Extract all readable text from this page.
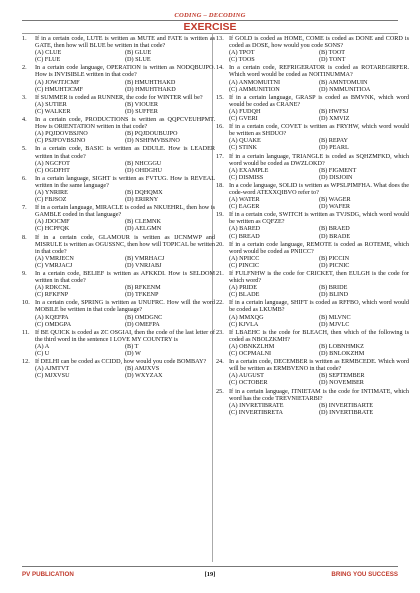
CODING – DECODING
EXERCISE
1.	If in a certain code, LUTE is written as MUTE and FATE is written as GATE, then how will BLUE be written in that code?
(A) CLUE	(B) GLUE
(C) FLUE	(D) SLUE
2.	In a certain code language, OPERATION is written as NODQBUJPO. How is INVISIBLE written in that code?
(A) JOWJTJCMF	(B) HMUHTHAKD
(C) HMUHTJCMF	(D) HMUHTHAKD
3.	If SUMMER is coded as RUNNER, the code for WINTER will be?
(A) SUTIER	(B) VIOUER
(C) WALKER	(D) SUFFER
4.	In a certain code, PRODUCTIONS is written as QQPCVEUHPMT. How is ORIENTATION written in that code?
(A) PQJDOVBSJNO	(B) PQJDOUBUJPO
(C) PSJFOVBSJNO	(D) NSHFMVBSJNO
5.	In a certain code, BASIC is written as DDULE. How is LEADER written in that code?
(A) NGCFOT	(B) NHCGGU
(C) OGDFHT	(D) OHDGHU
6.	In a certain language, SIGHT is written as FVTUG. How is REVEAL written in the same language?
(A) YNRIRE	(B) DQHQMX
(C) FBJSOZ	(D) ERIRNY
7.	If in a certain language, MIRACLE is coded as NKUEHRL, then how is GAMBLE coded in that language?
(A) JDOCMF	(B) CLEMNK
(C) HCPFQK	(D) AELGMN
8.	If in a certain code, GLAMOUR is written as IJCNMWP and MISRULE is written as OGUSSNC, then how will TOPICAL be written in that code?
(A) VMRJECN	(B) VMRHACJ
(C) VMRJACJ	(D) VNRJABJ
9.	In a certain code, BELIEF is written as AFKKDI. How is SELDOM written in that code?
(A) RDKCNL	(B) RFKENM
(C) RFKFNP	(D) TFKENP
10. In a certain code, SPRING is written as UNUFRC. How will the word MOBILE be written in that code language?
(A) KQEFPA	(B) OMDGNC
(C) OMDGPA	(D) OMEFPA
11. If BE QUICK is coded as ZC OSGIAI, then the code of the last letter of the third word in the sentence I LOVE MY COUNTRY is
(A) A	(B) T
(C) U	(D) W
12. If DELHI can be coded as CCIDD, how would you code BOMBAY?
(A) AJMTVT	(B) AMJXVS
(C) MJXVSU	(D) WXYZAX
13. If GOLD is coded as HOME, COME is coded as DONE and CORD is coded as DOSE, how would you code SONS?
(A) TPOT	(B) TOOT
(C) TOOS	(D) TONT
14. In a certain code, REFRIGERATOR is coded as ROTAREGIRFER. Which word would be coded as NOITINUMMA?
(A) ANMOMUITNI	(B) AMNTOMUIN
(C) AMMUNITION	(D) NMMUNITIOA
15. If in a certain language, GRASP is coded as BMVNK, which word would be coded as CRANE?
(A) FUDQH	(B) HWFSJ
(C) GVERI	(D) XMVIZ
16. If in a certain code, COVET is written as FRYHW, which word would be written as SHDUO?
(A) QUAKE	(B) REPAY
(C) STINK	(D) PEARL
17. If in a certain language, TRIANGLE is coded as SQHZMFKD, which word would be coded as DWZLOKD?
(A) EXAMPLE	(B) FIGMENT
(C) DISMISS	(D) DISJOIN
18. In a code language, SOLID is written as WPSLPIMFHA. What does the code-word ATEXXQIBVO refer to?
(A) WATER	(B) WAGER
(C) EAGER	(D) WAFER
19. If in a certain code, SWITCH is written as TVJSDG, which word would be written as CQFZE?
(A) BARED	(B) BRAED
(C) BREAD	(D) BRADE
20. If in a certain code language, REMOTE is coded as ROTEME, which word would be coded as PNIICC?
(A) NPIICC	(B) PICCIN
(C) PINCIC	(D) PICNIC
21. If FULFNHW is the code for CRICKET, then EULGH is the code for which word?
(A) PRIDE	(B) BRIDE
(C) BLADE	(D) BLIND
22. If in a certain language, SHIFT is coded as RFFBO, which word would be coded as LKUMB?
(A) MMXQG	(B) MLVNC
(C) KJVLA	(D) MJVLC
23. If LBAEHC is the code for BLEACH, then which of the following is coded as NBOLZKMH?
(A) OBNKZLHM	(B) LOBNHMKZ
(C) OCPMALNI	(D) BNLOKZHM
24. In a certain code, DECEMBER is written as ERMBCEDE. Which word will be written as ERMBVENO in that code?
(A) AUGUST	(B) SEPTEMBER
(C) OCTOBER	(D) NOVEMBER
25. If in a certain language, ITNIETAM is the code for INTIMATE, which word has the code TREVNIETARBI?
(A) INVRETIBRATE	(B) INVERTIBARTE
(C) INVERTIBRETA	(D) INVERTIBRATE
PV PUBLICATION	[19]	BRING YOU SUCCESS
